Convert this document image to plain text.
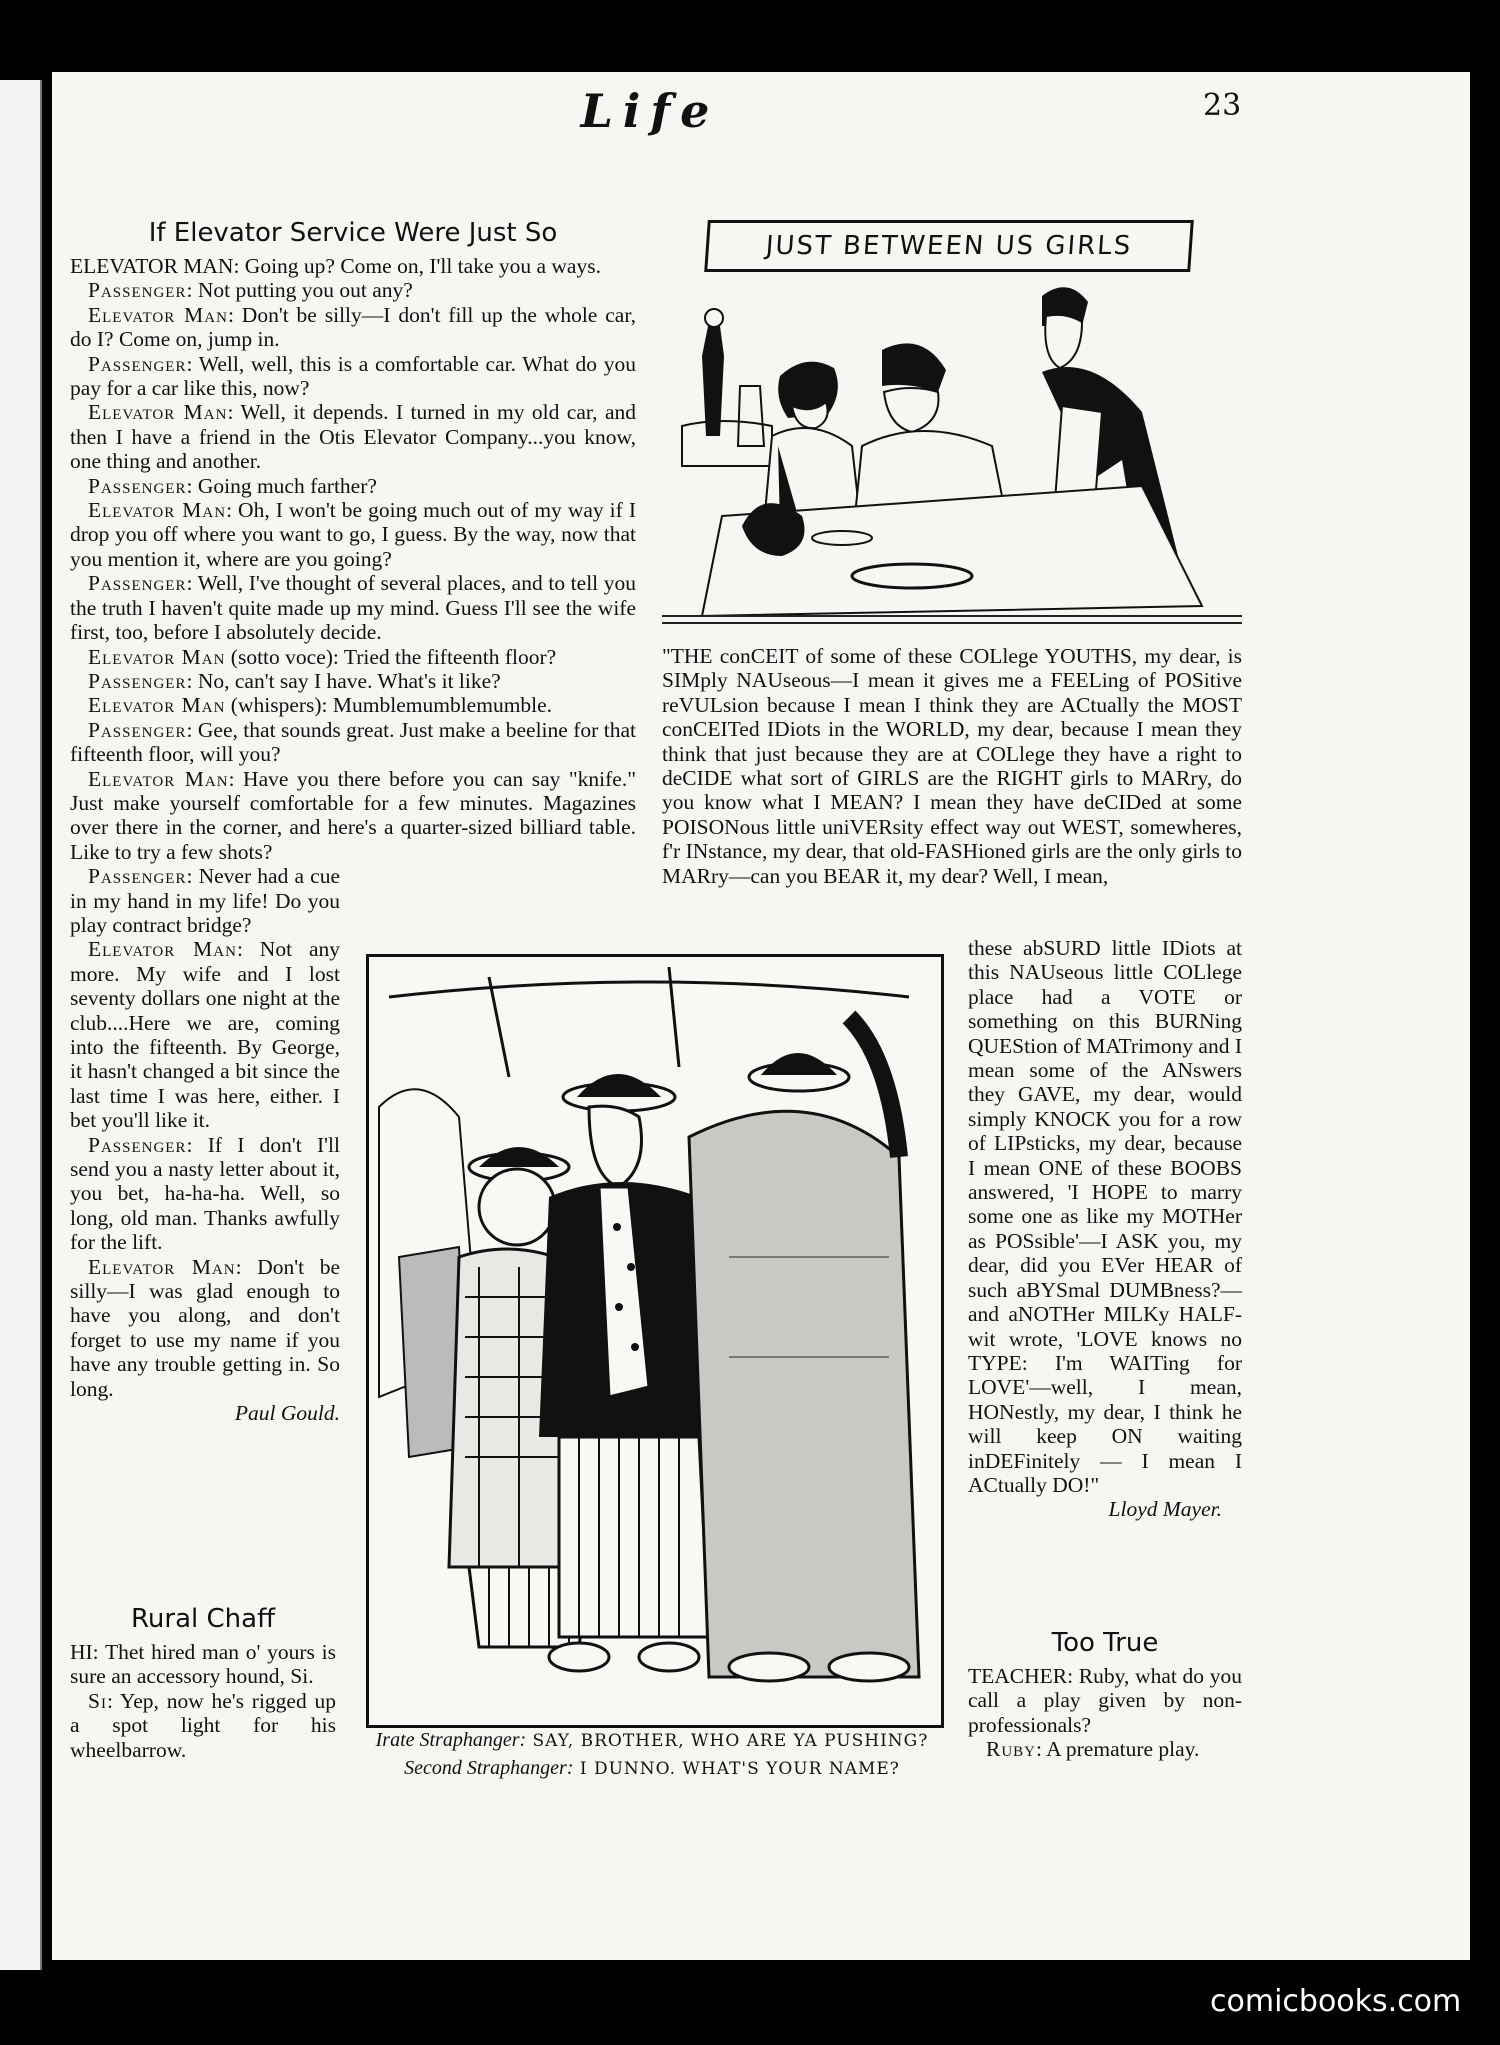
Life	23
If Elevator Service Were Just So

ELEVATOR MAN: Going up? Come on, I'll take you a ways.

Passenger: Not putting you out any?

Elevator Man: Don't be silly—I don't fill up the whole car, do I? Come on, jump in.

Passenger: Well, well, this is a comfortable car. What do you pay for a car like this, now?

Elevator Man: Well, it depends. I turned in my old car, and then I have a friend in the Otis Elevator Company...you know, one thing and another.

Passenger: Going much farther?

Elevator Man: Oh, I won't be going much out of my way if I drop you off where you want to go, I guess. By the way, now that you mention it, where are you going?

Passenger: Well, I've thought of several places, and to tell you the truth I haven't quite made up my mind. Guess I'll see the wife first, too, before I absolutely decide.

Elevator Man (sotto voce): Tried the fifteenth floor?

Passenger: No, can't say I have. What's it like?

Elevator Man (whispers): Mumblemumblemumble.

Passenger: Gee, that sounds great. Just make a beeline for that fifteenth floor, will you?

Elevator Man: Have you there before you can say "knife." Just make yourself comfortable for a few minutes. Magazines over there in the corner, and here's a quarter-sized billiard table. Like to try a few shots?

Passenger: Never had a cue in my hand in my life! Do you play contract bridge?

Elevator Man: Not any more. My wife and I lost seventy dollars one night at the club....Here we are, coming into the fifteenth. By George, it hasn't changed a bit since the last time I was here, either. I bet you'll like it.

Passenger: If I don't I'll send you a nasty letter about it, you bet, ha-ha-ha. Well, so long, old man. Thanks awfully for the lift.

Elevator Man: Don't be silly—I was glad enough to have you along, and don't forget to use my name if you have any trouble getting in. So long.

Paul Gould.
JUST BETWEEN US GIRLS

"THE conCEIT of some of these COLlege YOUTHS, my dear, is SIMply NAUseous—I mean it gives me a FEELing of POSitive reVULsion because I mean I think they are ACtually the MOST conCEITed IDiots in the WORLD, my dear, because I mean they think that just because they are at COLlege they have a right to deCIDE what sort of GIRLS are the RIGHT girls to MARry, do you know what I MEAN? I mean they have deCIDed at some POISONous little uniVERsity effect way out WEST, somewheres, f'r INstance, my dear, that old-FASHioned girls are the only girls to MARry—can you BEAR it, my dear? Well, I mean,

these abSURD little IDiots at this NAUseous little COLlege place had a VOTE or something on this BURNing QUEStion of MATrimony and I mean some of the ANswers they GAVE, my dear, would simply KNOCK you for a row of LIPsticks, my dear, because I mean ONE of these BOOBS answered, 'I HOPE to marry some one as like my MOTHer as POSsible'—I ASK you, my dear, did you EVer HEAR of such aBYSmal DUMBness?—and aNOTHer MILKy HALF-wit wrote, 'LOVE knows no TYPE: I'm WAITing for LOVE'—well, I mean, HONestly, my dear, I think he will keep ON waiting inDEFinitely — I mean I ACtually DO!"

Lloyd Mayer.

Irate Straphanger: SAY, BROTHER, WHO ARE YA PUSHING?
Second Straphanger: I DUNNO. WHAT'S YOUR NAME?
Rural Chaff

HI: Thet hired man o' yours is sure an accessory hound, Si.

Si: Yep, now he's rigged up a spot light for his wheelbarrow.

Too True

TEACHER: Ruby, what do you call a play given by non-professionals?

Ruby: A premature play.

comicbooks.com
